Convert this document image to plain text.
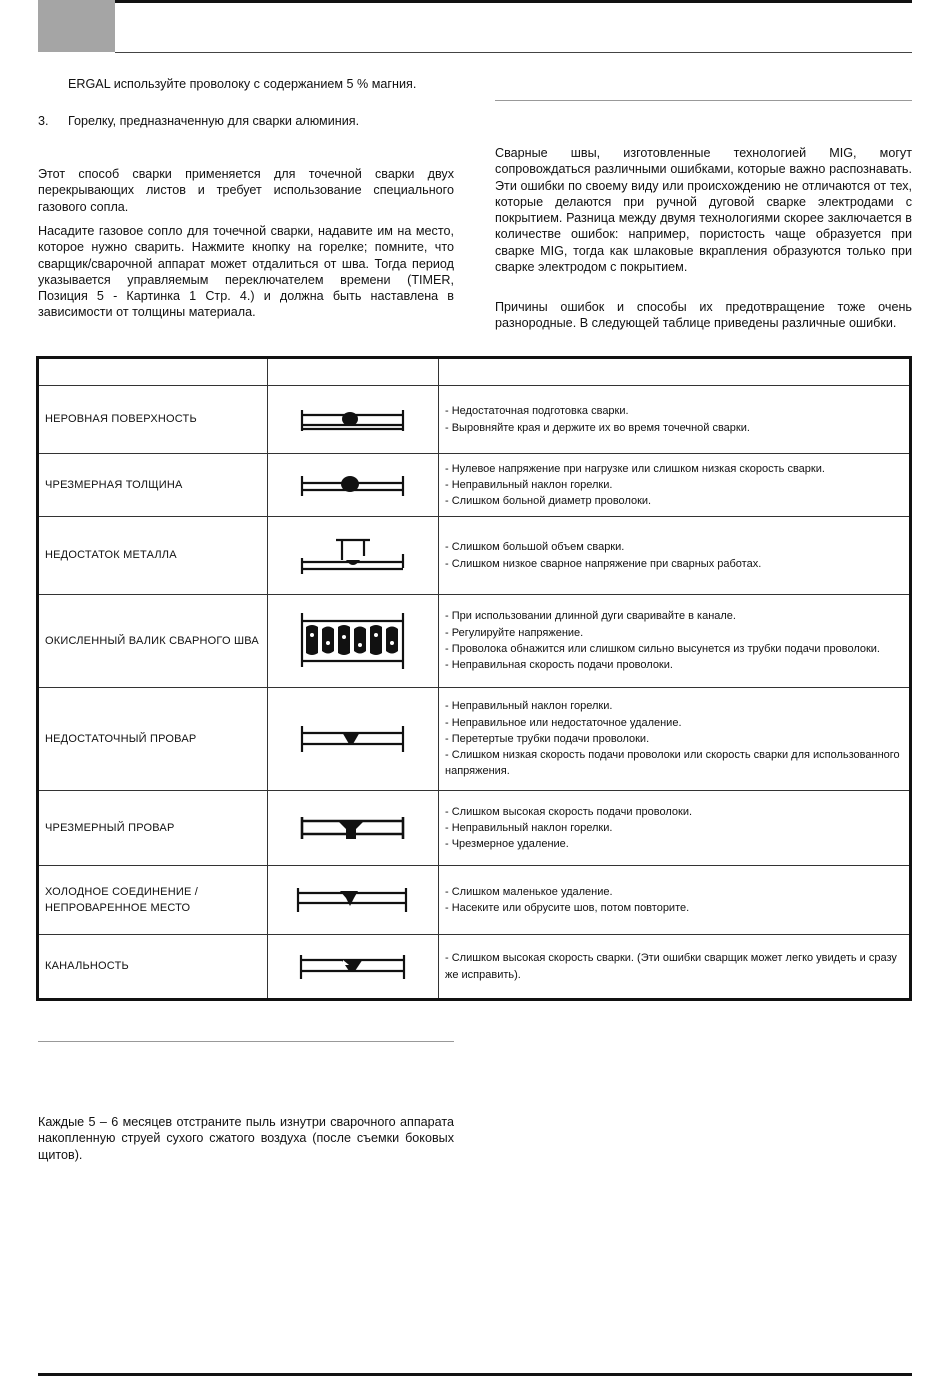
ERGAL используйте проволоку с содержанием 5 % магния.

3.	Горелку, предназначенную для сварки алюминия.

Этот способ сварки применяется для точечной сварки двух перекрывающих листов и требует использование специального газового сопла.

Насадите газовое сопло для точечной сварки, надавите им на место, которое нужно сварить. Нажмите кнопку на горелке; помните, что сварщик/сварочной аппарат может отдалиться от шва. Тогда период указывается управляемым переключателем времени (TIMER, Позиция 5 - Картинка 1 Стр. 4.) и должна быть наставлена в зависимости от толщины материала.

Сварные швы, изготовленные технологией MIG, могут сопровождаться различными ошибками, которые важно распознавать. Эти ошибки по своему виду или происхождению не отличаются от тех, которые делаются при ручной дуговой сварке электродами с покрытием. Разница между двумя технологиями скорее заключается в количестве ошибок: например, пористость чаще образуется при сварке MIG, тогда как шлаковые вкрапления образуются только при сварке электродом с покрытием.

Причины ошибок и способы их предотвращение тоже очень разнородные. В следующей таблице приведены различные ошибки.

НЕРОВНАЯ ПОВЕРХНОСТЬ		- Недостаточная подготовка сварки.
- Выровняйте края и держите их во время точечной сварки.

ЧРЕЗМЕРНАЯ ТОЛЩИНА		- Нулевое напряжение при нагрузке или слишком низкая скорость сварки.
- Неправильный наклон горелки.
- Слишком больной диаметр проволоки.

НЕДОСТАТОК МЕТАЛЛА		- Слишком большой объем сварки.
- Слишком низкое сварное напряжение при сварных работах.

ОКИСЛЕННЫЙ ВАЛИК СВАРНОГО ШВА		- При использовании длинной дуги сваривайте в канале.
- Регулируйте напряжение.
- Проволока обнажится или слишком сильно высунется из трубки подачи проволоки.
- Неправильная скорость подачи проволоки.

НЕДОСТАТОЧНЫЙ ПРОВАР		- Неправильный наклон горелки.
- Неправильное или недостаточное удаление.
- Перетертые трубки подачи проволоки.
- Слишком низкая скорость подачи проволоки или скорость сварки для использованного напряжения.

ЧРЕЗМЕРНЫЙ ПРОВАР		- Слишком высокая скорость подачи проволоки.
- Неправильный наклон горелки.
- Чрезмерное удаление.

ХОЛОДНОЕ СОЕДИНЕНИЕ / НЕПРОВАРЕННОЕ МЕСТО		- Слишком маленькое удаление.
- Насеките или обрусите шов, потом повторите.

КАНАЛЬНОСТЬ		- Слишком высокая скорость сварки. (Эти ошибки сварщик может легко увидеть и сразу же исправить).

Каждые 5 – 6 месяцев отстраните пыль изнутри сварочного аппарата накопленную струей сухого сжатого воздуха (после съемки боковых щитов).
